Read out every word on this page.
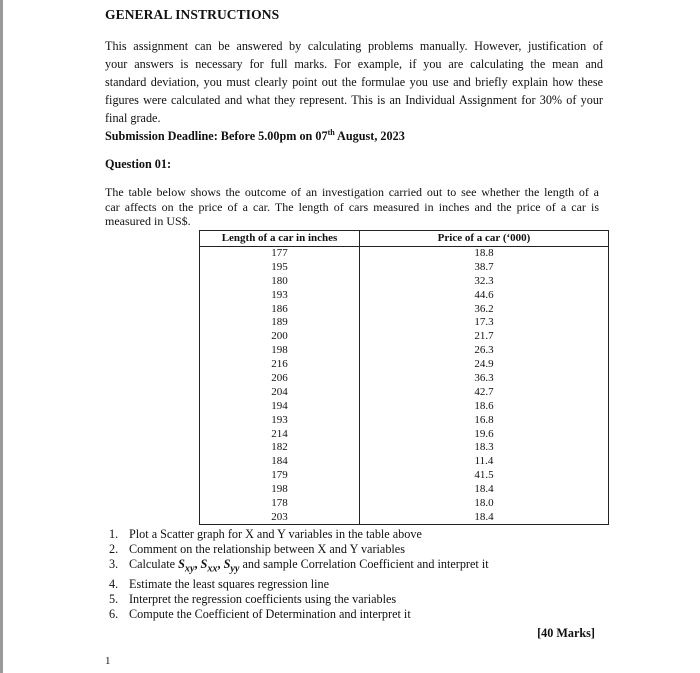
GENERAL INSTRUCTIONS
This assignment can be answered by calculating problems manually. However, justification of
your answers is necessary for full marks. For example, if you are calculating the mean and
standard deviation, you must clearly point out the formulae you use and briefly explain how these
figures were calculated and what they represent. This is an Individual Assignment for 30% of your
final grade.
Submission Deadline: Before 5.00pm on 07th August, 2023
Question 01:
The table below shows the outcome of an investigation carried out to see whether the length of a
car affects on the price of a car. The length of cars measured in inches and the price of a car is
measured in US$.
Length of a car in inches	Price of a car (‘000)
177	18.8
195	38.7
180	32.3
193	44.6
186	36.2
189	17.3
200	21.7
198	26.3
216	24.9
206	36.3
204	42.7
194	18.6
193	16.8
214	19.6
182	18.3
184	11.4
179	41.5
198	18.4
178	18.0
203	18.4
1. Plot a Scatter graph for X and Y variables in the table above
2. Comment on the relationship between X and Y variables
3. Calculate $S_{xy}$, $S_{xx}$, $S_{yy}$ and sample Correlation Coefficient and interpret it
4. Estimate the least squares regression line
5. Interpret the regression coefficients using the variables
6. Compute the Coefficient of Determination and interpret it
[40 Marks]
1
